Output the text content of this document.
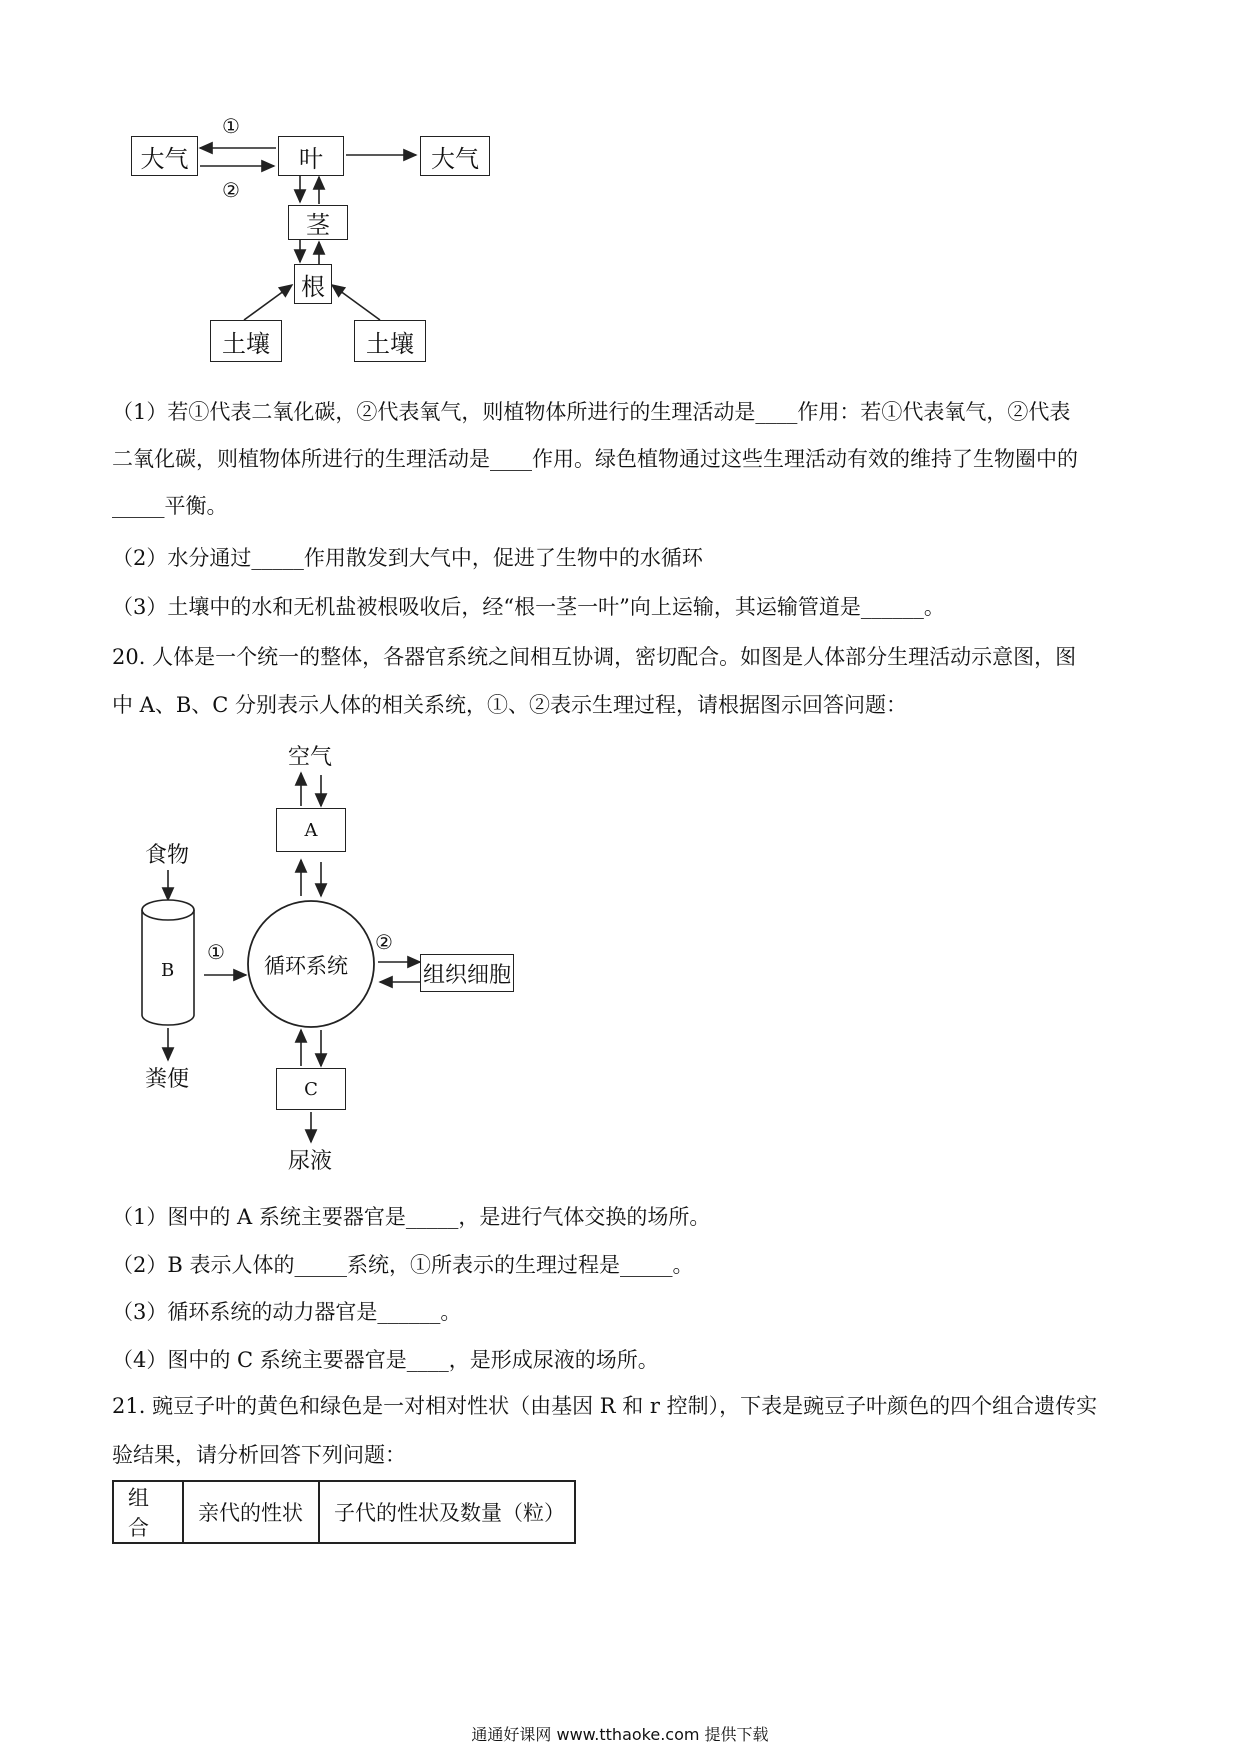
大气	叶	大气
茎
根
土壤	土壤
①
②
（1）若①代表二氧化碳，②代表氧气，则植物体所进行的生理活动是____作用：若①代表氧气，②代表
二氧化碳，则植物体所进行的生理活动是____作用。绿色植物通过这些生理活动有效的维持了生物圈中的
_____平衡。
（2）水分通过_____作用散发到大气中，促进了生物中的水循环
（3）土壤中的水和无机盐被根吸收后，经“根一茎一叶”向上运输，其运输管道是______。
20. 人体是一个统一的整体，各器官系统之间相互协调，密切配合。如图是人体部分生理活动示意图，图
中 A、B、C 分别表示人体的相关系统，①、②表示生理过程，请根据图示回答问题：
空气
A
食物
B	循环系统	组织细胞
①	②
C
粪便
尿液
（1）图中的 A 系统主要器官是_____，是进行气体交换的场所。
（2）B 表示人体的_____系统，①所表示的生理过程是_____。
（3）循环系统的动力器官是______。
（4）图中的 C 系统主要器官是____，是形成尿液的场所。
21. 豌豆子叶的黄色和绿色是一对相对性状（由基因 R 和 r 控制），下表是豌豆子叶颜色的四个组合遗传实
验结果，请分析回答下列问题：
组合	亲代的性状	子代的性状及数量（粒）
通通好课网 www.tthaoke.com 提供下载
